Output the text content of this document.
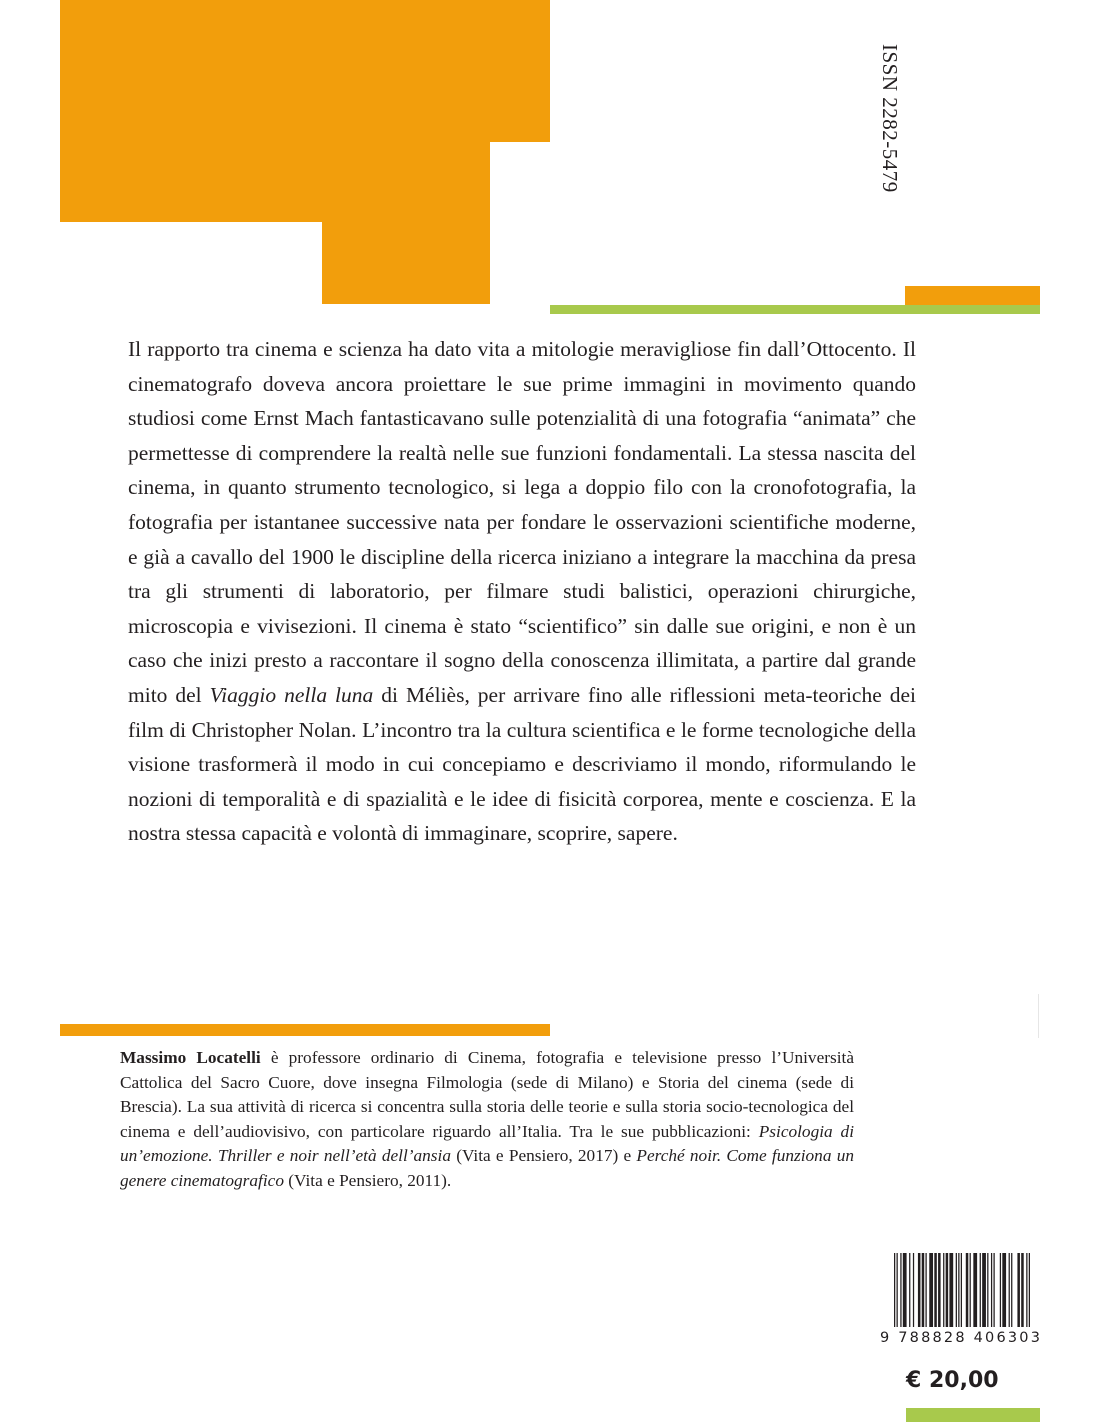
ISSN 2282-5479

Il rapporto tra cinema e scienza ha dato vita a mitologie meravigliose fin dall’Ottocento. Il cinematografo doveva ancora proiettare le sue prime immagini in movimento quando studiosi come Ernst Mach fantasticavano sulle potenzialità di una fotografia “animata” che permettesse di comprendere la realtà nelle sue funzioni fondamentali. La stessa nascita del cinema, in quanto strumento tecnologico, si lega a doppio filo con la cronofotografia, la fotografia per istantanee successive nata per fondare le osservazioni scientifiche moderne, e già a cavallo del 1900 le discipline della ricerca iniziano a integrare la macchina da presa tra gli strumenti di laboratorio, per filmare studi balistici, operazioni chirurgiche, microscopia e vivisezioni. Il cinema è stato “scientifico” sin dalle sue origini, e non è un caso che inizi presto a raccontare il sogno della conoscenza illimitata, a partire dal grande mito del Viaggio nella luna di Méliès, per arrivare fino alle riflessioni meta-teoriche dei film di Christopher Nolan. L’incontro tra la cultura scientifica e le forme tecnologiche della visione trasformerà il modo in cui concepiamo e descriviamo il mondo, riformulando le nozioni di temporalità e di spazialità e le idee di fisicità corporea, mente e coscienza. E la nostra stessa capacità e volontà di immaginare, scoprire, sapere.

Massimo Locatelli è professore ordinario di Cinema, fotografia e televisione presso l’Università Cattolica del Sacro Cuore, dove insegna Filmologia (sede di Milano) e Storia del cinema (sede di Brescia). La sua attività di ricerca si concentra sulla storia delle teorie e sulla storia socio-tecnologica del cinema e dell’audiovisivo, con particolare riguardo all’Italia. Tra le sue pubblicazioni: Psicologia di un’emozione. Thriller e noir nell’età dell’ansia (Vita e Pensiero, 2017) e Perché noir. Come funziona un genere cinematografico (Vita e Pensiero, 2011).

9 788828 406303
€ 20,00
